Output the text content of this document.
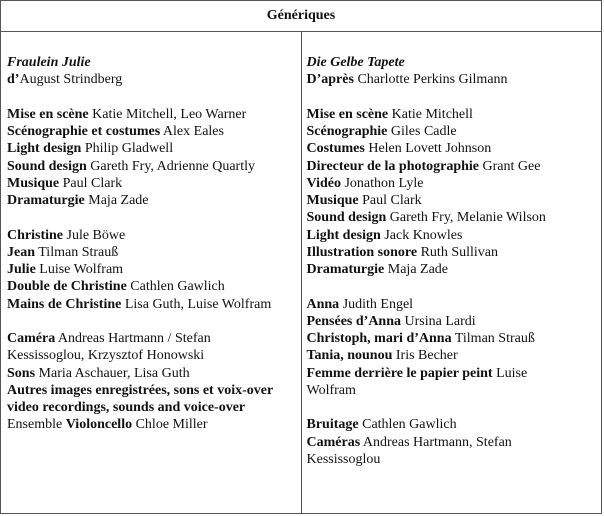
Génériques
Fraulein Julie
d’August Strindberg
Mise en scène Katie Mitchell, Leo Warner
Scénographie et costumes Alex Eales
Light design Philip Gladwell
Sound design Gareth Fry, Adrienne Quartly
Musique Paul Clark
Dramaturgie Maja Zade
Christine Jule Böwe
Jean Tilman Strauß
Julie Luise Wolfram
Double de Christine Cathlen Gawlich
Mains de Christine Lisa Guth, Luise Wolfram
Caméra Andreas Hartmann / Stefan
Kessissoglou, Krzysztof Honowski
Sons Maria Aschauer, Lisa Guth
Autres images enregistrées, sons et voix-over
video recordings, sounds and voice-over
Ensemble Violoncello Chloe Miller
Die Gelbe Tapete
D’après Charlotte Perkins Gilmann
Mise en scène Katie Mitchell
Scénographie Giles Cadle
Costumes Helen Lovett Johnson
Directeur de la photographie Grant Gee
Vidéo Jonathon Lyle
Musique Paul Clark
Sound design Gareth Fry, Melanie Wilson
Light design Jack Knowles
Illustration sonore Ruth Sullivan
Dramaturgie Maja Zade
Anna Judith Engel
Pensées d’Anna Ursina Lardi
Christoph, mari d’Anna Tilman Strauß
Tania, nounou Iris Becher
Femme derrière le papier peint Luise
Wolfram
Bruitage Cathlen Gawlich
Caméras Andreas Hartmann, Stefan
Kessissoglou
